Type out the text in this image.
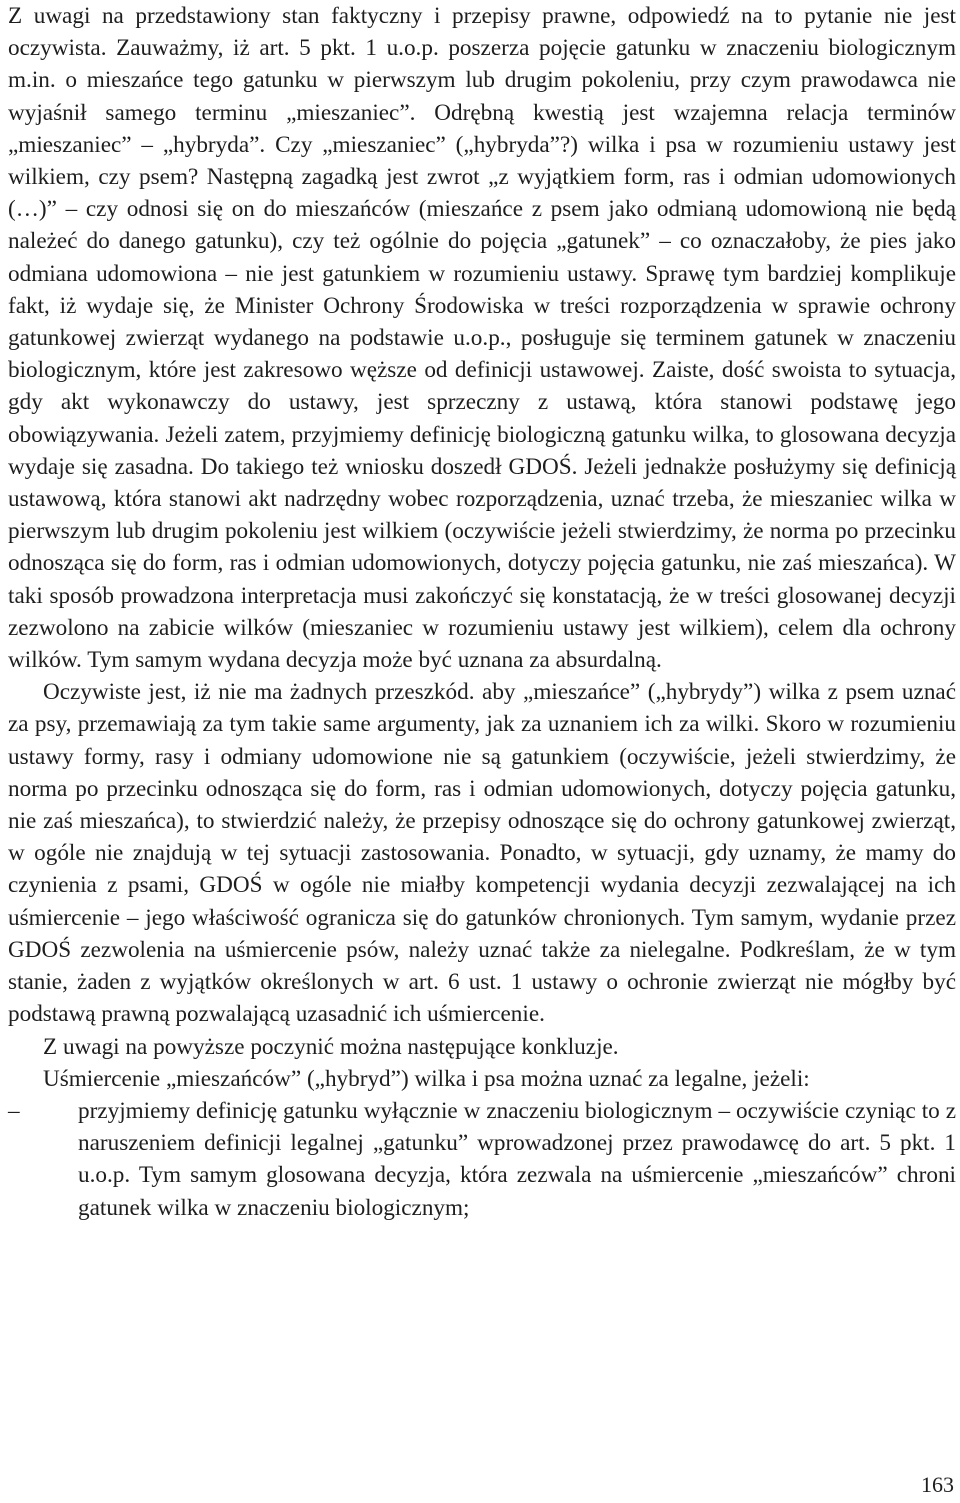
Z uwagi na przedstawiony stan faktyczny i przepisy prawne, odpowiedź na to pytanie nie jest oczywista. Zauważmy, iż art. 5 pkt. 1 u.o.p. poszerza pojęcie gatunku w znaczeniu biologicznym m.in. o mieszańce tego gatunku w pierwszym lub drugim pokoleniu, przy czym prawodawca nie wyjaśnił samego terminu „mieszaniec”. Odrębną kwestią jest wzajemna relacja terminów „mieszaniec” – „hybryda”. Czy „mieszaniec” („hybryda”?) wilka i psa w rozumieniu ustawy jest wilkiem, czy psem? Następną zagadką jest zwrot „z wyjątkiem form, ras i odmian udomowionych (…)” – czy odnosi się on do mieszańców (mieszańce z psem jako odmianą udomowioną nie będą należeć do danego gatunku), czy też ogólnie do pojęcia „gatunek” – co oznaczałoby, że pies jako odmiana udomowiona – nie jest gatunkiem w rozumieniu ustawy. Sprawę tym bardziej komplikuje fakt, iż wydaje się, że Minister Ochrony Środowiska w treści rozporządzenia w sprawie ochrony gatunkowej zwierząt wydanego na podstawie u.o.p., posługuje się terminem gatunek w znaczeniu biologicznym, które jest zakresowo węższe od definicji ustawowej. Zaiste, dość swoista to sytuacja, gdy akt wykonawczy do ustawy, jest sprzeczny z ustawą, która stanowi podstawę jego obowiązywania. Jeżeli zatem, przyjmiemy definicję biologiczną gatunku wilka, to glosowana decyzja wydaje się zasadna. Do takiego też wniosku doszedł GDOŚ. Jeżeli jednakże posłużymy się definicją ustawową, która stanowi akt nadrzędny wobec rozporządzenia, uznać trzeba, że mieszaniec wilka w pierwszym lub drugim pokoleniu jest wilkiem (oczywiście jeżeli stwierdzimy, że norma po przecinku odnosząca się do form, ras i odmian udomowionych, dotyczy pojęcia gatunku, nie zaś mieszańca). W taki sposób prowadzona interpretacja musi zakończyć się konstatacją, że w treści glosowanej decyzji zezwolono na zabicie wilków (mieszaniec w rozumieniu ustawy jest wilkiem), celem dla ochrony wilków. Tym samym wydana decyzja może być uznana za absurdalną.

Oczywiste jest, iż nie ma żadnych przeszkód. aby „mieszańce” („hybrydy”) wilka z psem uznać za psy, przemawiają za tym takie same argumenty, jak za uznaniem ich za wilki. Skoro w rozumieniu ustawy formy, rasy i odmiany udomowione nie są gatunkiem (oczywiście, jeżeli stwierdzimy, że norma po przecinku odnosząca się do form, ras i odmian udomowionych, dotyczy pojęcia gatunku, nie zaś mieszańca), to stwierdzić należy, że przepisy odnoszące się do ochrony gatunkowej zwierząt, w ogóle nie znajdują w tej sytuacji zastosowania. Ponadto, w sytuacji, gdy uznamy, że mamy do czynienia z psami, GDOŚ w ogóle nie miałby kompetencji wydania decyzji zezwalającej na ich uśmiercenie – jego właściwość ogranicza się do gatunków chronionych. Tym samym, wydanie przez GDOŚ zezwolenia na uśmiercenie psów, należy uznać także za nielegalne. Podkreślam, że w tym stanie, żaden z wyjątków określonych w art. 6 ust. 1 ustawy o ochronie zwierząt nie mógłby być podstawą prawną pozwalającą uzasadnić ich uśmiercenie.

Z uwagi na powyższe poczynić można następujące konkluzje.

Uśmiercenie „mieszańców” („hybryd”) wilka i psa można uznać za legalne, jeżeli:

–	przyjmiemy definicję gatunku wyłącznie w znaczeniu biologicznym – oczywiście czyniąc to z naruszeniem definicji legalnej „gatunku” wprowadzonej przez prawodawcę do art. 5 pkt. 1 u.o.p. Tym samym glosowana decyzja, która zezwala na uśmiercenie „mieszańców” chroni gatunek wilka w znaczeniu biologicznym;
163
